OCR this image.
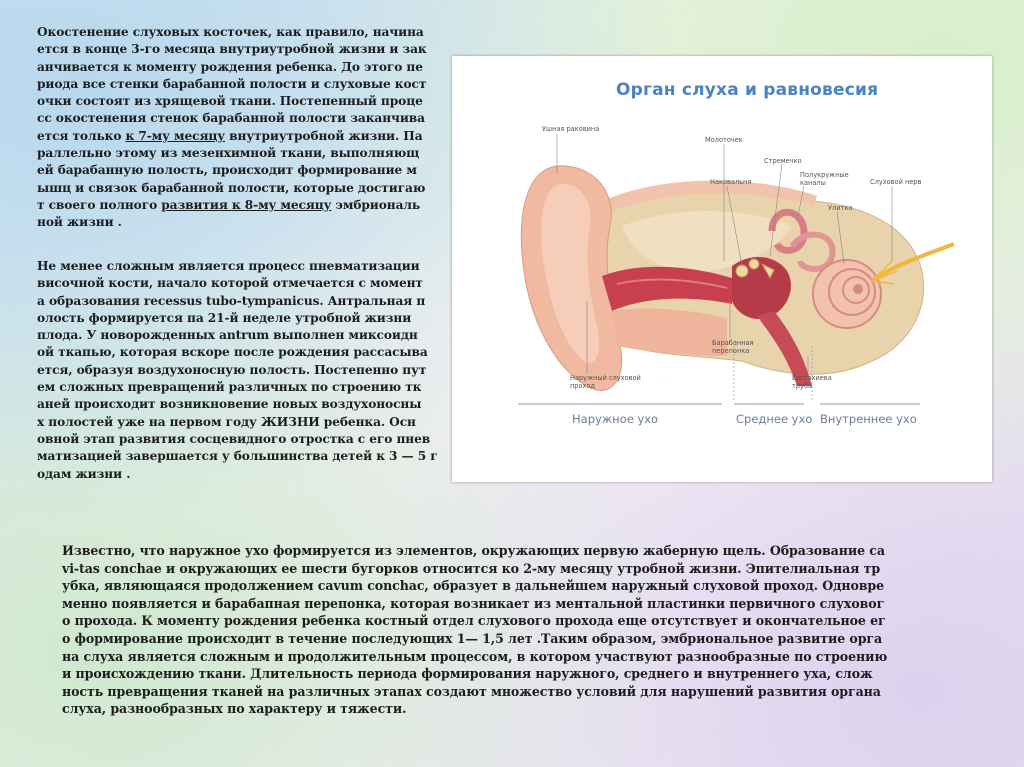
Окостенение слуховых косточек, как правило, начина
ется в конце 3-го месяца внутриутробной жизни и зак
анчивается к моменту рождения ребенка. До этого пе
риода все стенки барабанной полости и слуховые кост
очки состоят из хрящевой ткани. Постепенный проце
сс окостенения стенок барабанной полости заканчива
ется только к 7-му месяцу внутриутробной жизни. Па
раллельно этому из мезенхимной ткани, выполняющ
ей барабанную полость, происходит формирование м
ышц и связок барабанной полости, которые достигаю
т своего полного развития к 8-му месяцу эмбриональ
ной жизни .
Не менее сложным является процесс пневматизации
височной кости, начало которой отмечается с момент
а образования recessus tubo-tympanicus. Антральная п
олость формируется па 21-й неделе утробной жизни
плода. У новорожденных antrum выполнен миксоидн
ой ткапью, которая вскоре после рождения рассасыва
ется, образуя воздухоносную полость. Постепенно пут
ем сложных превращений различных по строению тк
аней происходит возникновение новых воздухоносны
х полостей уже на первом году ЖИЗНИ ребенка. Осн
овной этап развития сосцевидного отростка с его пнев
матизацией завершается у большинства детей к 3 — 5 г
одам жизни .
Орган слуха и равновесия
Ушная раковина
Молоточек
Стремечко
Наковальня
Полукружные
каналы	Слуховой нерв
Улитка
Барабанная
перепонка
Наружный слуховой
проход
Евстахиева
труба
Наружное ухо	Среднее ухо Внутреннее ухо
Известно, что наружное ухо формируется из элементов, окружающих первую жаберную щель. Образование са
vi-tas conchae и окружающих ее шести бугорков относится ко 2-му месяцу утробной жизни. Эпителиальная тр
убка, являющаяся продолжением cavum conchac, образует в дальнейшем наружный слуховой проход. Одновре
менно появляется и барабапная перепонка, которая возникает из ментальной пластинки первичного слуховог
о прохода. К моменту рождения ребенка костный отдел слухового прохода еще отсутствует и окончательное ег
о формирование происходит в течение последующих 1— 1,5 лет .Таким образом, эмбриональное развитие орга
на слуха является сложным и продолжительным процессом, в котором участвуют разнообразные по строению
и происхождению ткани. Длительность периода формирования наружного, среднего и внутреннего уха, слож
ность превращения тканей на различных этапах создают множество условий для нарушений развития органа
слуха, разнообразных по характеру и тяжести.
